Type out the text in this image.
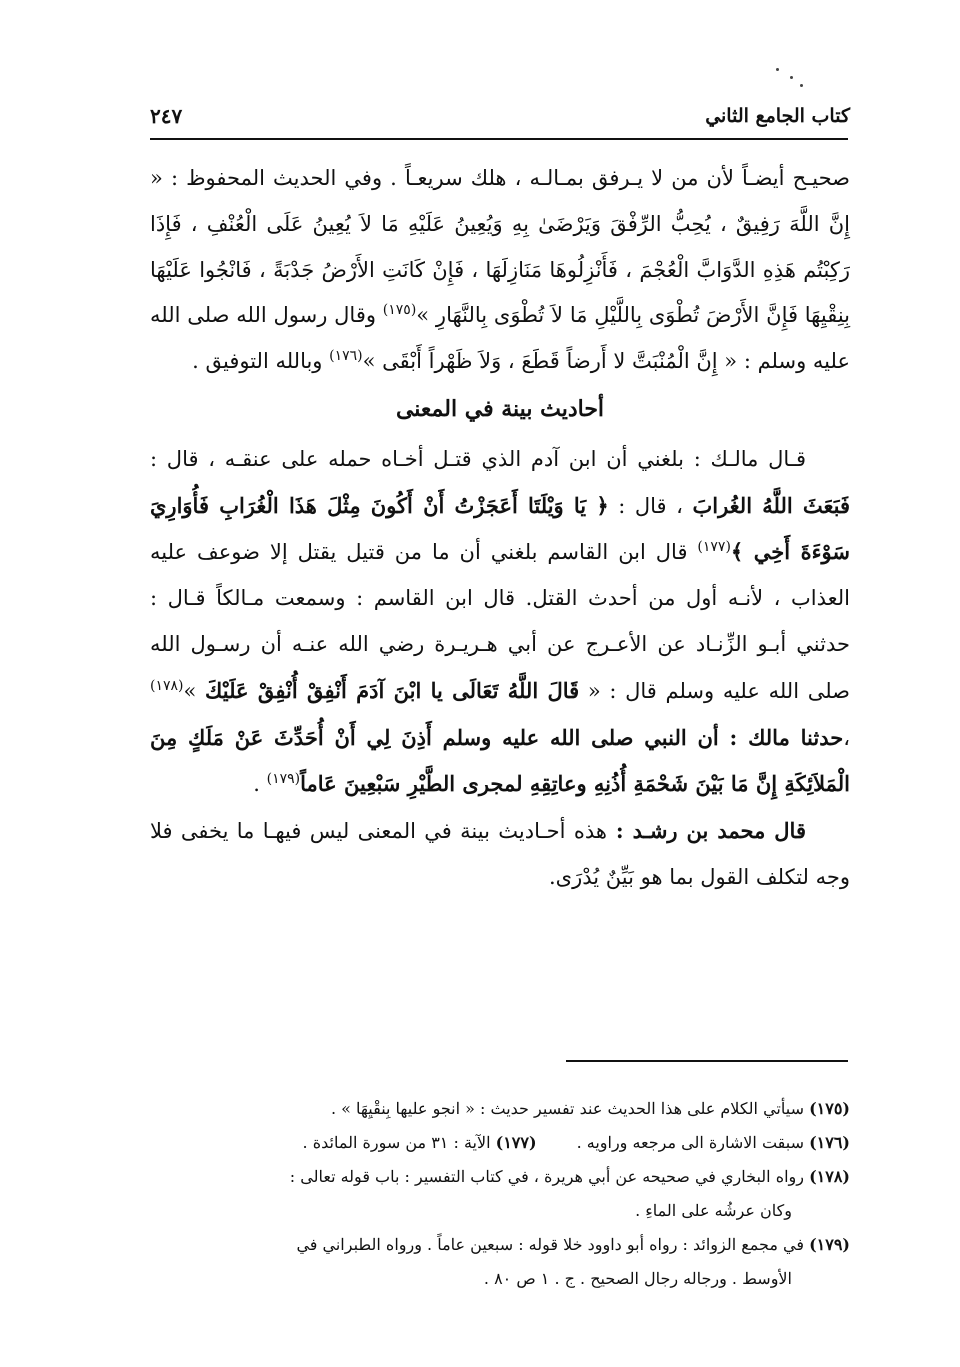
كتاب الجامع الثاني
٢٤٧

صحيـح أيضـاً لأن من لا يـرفق بمـالـه ، هلك سريعـاً . وفي الحديث المحفوظ : « إِنَّ اللَّهَ رَفِيقٌ ، يُحِبُّ الرِّفْقَ وَيَرْضَىٰ بِهِ وَيُعِينُ عَلَيْهِ مَا لاَ يُعِينُ عَلَى الْعُنْفِ ، فَإِذَا رَكِبْتُم هَذِهِ الدَّوَابَّ الْعُجْمَ ، فَأَنْزِلُوهَا مَنَازِلَهَا ، فَإِنْ كَانَتِ الأَرْضُ جَدْبَةً ، فَانْجُوا عَلَيْهَا بِنِقْيِهَا فَإِنَّ الأَرْضَ تُطْوَى بِاللَّيْلِ مَا لاَ تُطْوَى بِالنَّهَارِ »$^{(١٧٥)}$ وقال رسول الله صلى الله عليه وسلم : « إِنَّ الْمُنْبَتَّ لا أَرضاً قَطَعَ ، وَلاَ ظَهْراً أَبْقَى »$^{(١٧٦)}$ وبالله التوفيق .

أحاديث بينة في المعنى

قـال مالـك : بلغني أن ابن آدم الذي قتـل أخـاه حمله على عنقـه ، قال : فَبَعَثَ اللَّهُ الغُرابَ ، قال : ﴿ يَا وَيْلَتَا أَعَجَزْتُ أَنْ أَكُونَ مِثْلَ هَذَا الْغُرَابِ فَأُوَارِيَ سَوْءَةَ أَخِي ﴾$^{(١٧٧)}$ قال ابن القاسم بلغني أن ما من قتيل يقتل إلا ضوعف عليه العذاب ، لأنـه أول من أحدث القتل. قال ابن القاسم : وسمعت مـالكاً قـال : حدثني أبـو الزِّنـاد عن الأعـرج عن أبي هـريـرة رضي الله عنـه أن رسـول الله صلى الله عليه وسلم قال : « قَالَ اللَّهُ تَعَالَى يا ابْنَ آدَمَ أَنْفِقْ أُنْفِقْ عَلَيْكَ »$^{(١٧٨)}$ ،حدثنا مالك : أن النبي صلى الله عليه وسلم أَذِنَ لِي أَنْ أُحَدِّثَ عَنْ مَلَكٍ مِنَ الْمَلاَئِكَةِ إِنَّ مَا بَيْنَ شَحْمَةِ أُذُنِهِ وعاتِقِهِ لمجرى الطَّيْرِ سَبْعِينَ عَاماً$^{(١٧٩)}$ .

قال محمد بن رشـد : هذه أحـاديث بينة في المعنى ليس فيهـا ما يخفى فلا وجه لتكلف القول بما هو بَيِّنٌ يُدْرَى.

(١٧٥) سيأتي الكلام على هذا الحديث عند تفسير حديث : « انجو عليها بِنقْيِهَا » .

(١٧٦) سبقت الاشارة الى مرجعه وراويه .(١٧٧) الآية : ٣١ من سورة المائدة .

(١٧٨) رواه البخاري في صحيحه عن أبي هريرة ، في كتاب التفسير : باب قوله تعالى :

وكان عرشُه على الماءِ .

(١٧٩) في مجمع الزوائد : رواه أبو داوود خلا قوله : سبعين عاماً . ورواه الطبراني في

الأوسط . ورجاله رجال الصحيح . ج . ١ ص ٨٠ .
